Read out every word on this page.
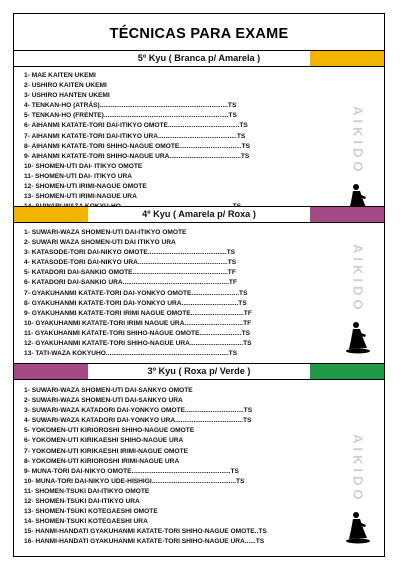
TÉCNICAS PARA EXAME
5º Kyu ( Branca p/ Amarela )
1- MAE KAITEN UKEMI
2- USHIRO KAITEN UKEMI
3- USHIRO HANTEN UKEMI
4- TENKAN-HO (ATRÁS)......................................................................TS
5- TENKAN-HO (FRENTE)....................................................................TS
6- AIHANMI KATATE-TORI DAI-ITIKYO OMOTE.......................................TS
7- AIHANMI KATATE-TORI DAI-ITIKYO URA...........................................TS
8- AIHANMI KATATE-TORI SHIHO-NAGUE OMOTE..................................TS
9- AIHANMI KATATE-TORI SHIHO-NAGUE URA.......................................TS
10- SHOMEN-UTI DAI- ITIKYO OMOTE
11- SHOMEN-UTI DAI- ITIKYO URA
12- SHOMEN-UTI IRIMI-NAGUE OMOTE
13- SHOMEN-UTI IRIMI-NAGUE URA
AIKIDO
4º Kyu ( Amarela p/ Roxa )
1- SUWARI-WAZA SHOMEN-UTI DAI-ITIKYO OMOTE
2- SUWARI WAZA SHOMEN-UTI DAI ITIKYO URA
3- KATASODE-TORI DAI-NIKYO OMOTE...........................................TS
4- KATASODE-TORI DAI-NIKYO URA.................................................TS
5- KATADORI DAI-SANKIO OMOTE....................................................TF
6- KATADORI DAI-SANKIO URA..........................................................TF
7- GYAKUHANMI KATATE-TORI DAI-YONKYO OMOTE..........................TS
8- GYAKUHANMI KATATE-TORI DAI-YONKYO URA...............................TS
9- GYAKUHANMI KATATE-TORI IRIMI NAGUE OMOTE.............................TF
10- GYAKUHANMI KATATE-TORI IRIMI NAGUE URA................................TF
11- GYAKUHANMI KATATE-TORI SHIHO-NAGUE OMOTE.......................TS
12- GYAKUHANMI KATATE-TORI SHIHO-NAGUE URA.............................TS
13- TATI-WAZA KOKYUHO...................................................................TS
AIKIDO
3º Kyu ( Roxa p/ Verde )
1- SUWARI-WAZA SHOMEN-UTI DAI-SANKYO OMOTE
2- SUWARI-WAZA SHOMEN-UTI DAI-SANKYO URA
3- SUWARI-WAZA KATADORI DAI-YONKYO OMOTE................................TS
4- SUWARI-WAZA KATADORI DAI-YONKYO URA.....................................TS
5- YOKOMEN-UTI KIRIOROSHI SHIHO-NAGUE OMOTE
6- YOKOMEN-UTI KIRIKAESHI SHIHO-NAGUE URA
7- YOKOMEN-UTI KIRIKAESHI IRIMI-NAGUE OMOTE
8- YOKOMEN-UTI KIRIOROSHI IRIMI-NAGUE URA
9- MUNA-TORI DAI-NIKYO OMOTE......................................................TS
10- MUNA-TORI DAI-NIKYO UDE-HISHIGI..............................................TS
11- SHOMEN-TSUKI DAI-ITIKYO OMOTE
12- SHOMEN-TSUKI DAI-ITIKYO URA
13- SHOMEN-TSUKI KOTEGAESHI OMOTE
14- SHOMEN-TSUKI KOTEGAESHI URA
15- HANMI-HANDATI GYAKUHANMI KATATE-TORI SHIHO-NAGUE OMOTE..TS
16- HANMI-HANDATI GYAKUHANMI KATATE-TORI SHIHO-NAGUE URA......TS
AIKIDO
